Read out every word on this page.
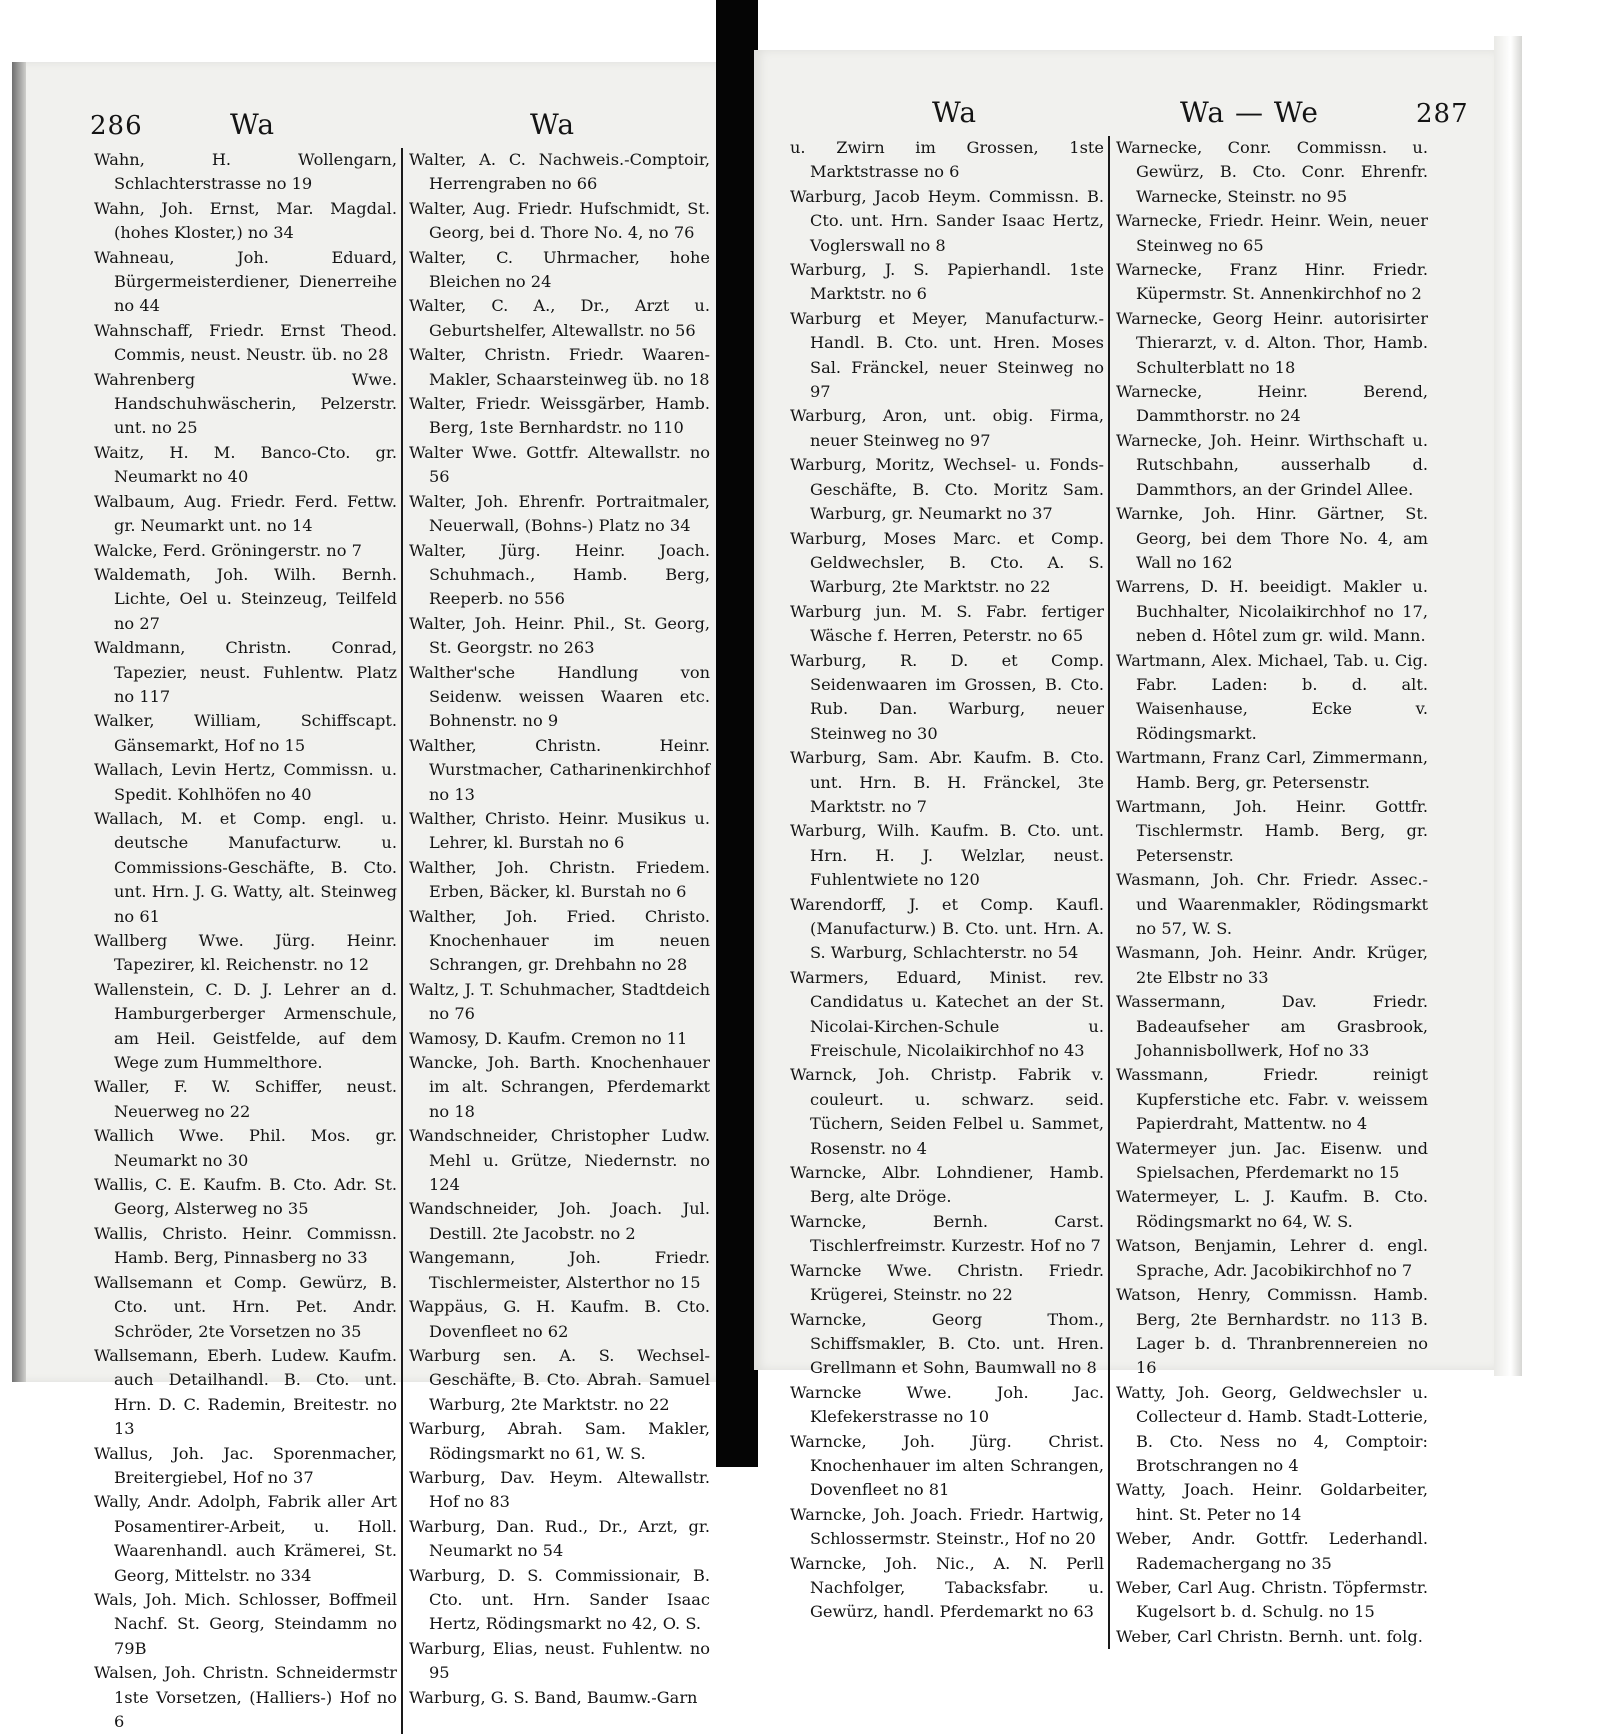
286	Wa	Wa

Wahn, H. Wollengarn, Schlachterstrasse no 19

Wahn, Joh. Ernst, Mar. Magdal. (hohes Kloster,) no 34

Wahneau, Joh. Eduard, Bürgermeisterdiener, Dienerreihe no 44

Wahnschaff, Friedr. Ernst Theod. Commis, neust. Neustr. üb. no 28

Wahrenberg Wwe. Handschuhwäscherin, Pelzerstr. unt. no 25

Waitz, H. M. Banco-Cto. gr. Neumarkt no 40

Walbaum, Aug. Friedr. Ferd. Fettw. gr. Neumarkt unt. no 14

Walcke, Ferd. Gröningerstr. no 7

Waldemath, Joh. Wilh. Bernh. Lichte, Oel u. Steinzeug, Teilfeld no 27

Waldmann, Christn. Conrad, Tapezier, neust. Fuhlentw. Platz no 117

Walker, William, Schiffscapt. Gänsemarkt, Hof no 15

Wallach, Levin Hertz, Commissn. u. Spedit. Kohlhöfen no 40

Wallach, M. et Comp. engl. u. deutsche Manufacturw. u. Commissions-Geschäfte, B. Cto. unt. Hrn. J. G. Watty, alt. Steinweg no 61

Wallberg Wwe. Jürg. Heinr. Tapezirer, kl. Reichenstr. no 12

Wallenstein, C. D. J. Lehrer an d. Hamburgerberger Armenschule, am Heil. Geistfelde, auf dem Wege zum Hummelthore.

Waller, F. W. Schiffer, neust. Neuerweg no 22

Wallich Wwe. Phil. Mos. gr. Neumarkt no 30

Wallis, C. E. Kaufm. B. Cto. Adr. St. Georg, Alsterweg no 35

Wallis, Christo. Heinr. Commissn. Hamb. Berg, Pinnasberg no 33

Wallsemann et Comp. Gewürz, B. Cto. unt. Hrn. Pet. Andr. Schröder, 2te Vorsetzen no 35

Wallsemann, Eberh. Ludew. Kaufm. auch Detailhandl. B. Cto. unt. Hrn. D. C. Rademin, Breitestr. no 13

Wallus, Joh. Jac. Sporenmacher, Breitergiebel, Hof no 37

Wally, Andr. Adolph, Fabrik aller Art Posamentirer-Arbeit, u. Holl. Waarenhandl. auch Krämerei, St. Georg, Mittelstr. no 334

Wals, Joh. Mich. Schlosser, Boffmeil Nachf. St. Georg, Steindamm no 79B

Walsen, Joh. Christn. Schneidermstr 1ste Vorsetzen, (Halliers-) Hof no 6

Walter, A. C. Nachweis.-Comptoir, Herrengraben no 66

Walter, Aug. Friedr. Hufschmidt, St. Georg, bei d. Thore No. 4, no 76

Walter, C. Uhrmacher, hohe Bleichen no 24

Walter, C. A., Dr., Arzt u. Geburtshelfer, Altewallstr. no 56

Walter, Christn. Friedr. Waaren-Makler, Schaarsteinweg üb. no 18

Walter, Friedr. Weissgärber, Hamb. Berg, 1ste Bernhardstr. no 110

Walter Wwe. Gottfr. Altewallstr. no 56

Walter, Joh. Ehrenfr. Portraitmaler, Neuerwall, (Bohns-) Platz no 34

Walter, Jürg. Heinr. Joach. Schuhmach., Hamb. Berg, Reeperb. no 556

Walter, Joh. Heinr. Phil., St. Georg, St. Georgstr. no 263

Walther'sche Handlung von Seidenw. weissen Waaren etc. Bohnenstr. no 9

Walther, Christn. Heinr. Wurstmacher, Catharinenkirchhof no 13

Walther, Christo. Heinr. Musikus u. Lehrer, kl. Burstah no 6

Walther, Joh. Christn. Friedem. Erben, Bäcker, kl. Burstah no 6

Walther, Joh. Fried. Christo. Knochenhauer im neuen Schrangen, gr. Drehbahn no 28

Waltz, J. T. Schuhmacher, Stadtdeich no 76

Wamosy, D. Kaufm. Cremon no 11

Wancke, Joh. Barth. Knochenhauer im alt. Schrangen, Pferdemarkt no 18

Wandschneider, Christopher Ludw. Mehl u. Grütze, Niedernstr. no 124

Wandschneider, Joh. Joach. Jul. Destill. 2te Jacobstr. no 2

Wangemann, Joh. Friedr. Tischlermeister, Alsterthor no 15

Wappäus, G. H. Kaufm. B. Cto. Dovenfleet no 62

Warburg sen. A. S. Wechsel-Geschäfte, B. Cto. Abrah. Samuel Warburg, 2te Marktstr. no 22

Warburg, Abrah. Sam. Makler, Rödingsmarkt no 61, W. S.

Warburg, Dav. Heym. Altewallstr. Hof no 83

Warburg, Dan. Rud., Dr., Arzt, gr. Neumarkt no 54

Warburg, D. S. Commissionair, B. Cto. unt. Hrn. Sander Isaac Hertz, Rödingsmarkt no 42, O. S.

Warburg, Elias, neust. Fuhlentw. no 95

Warburg, G. S. Band, Baumw.-Garn

Wa	Wa — We	287

u. Zwirn im Grossen, 1ste Marktstrasse no 6

Warburg, Jacob Heym. Commissn. B. Cto. unt. Hrn. Sander Isaac Hertz, Voglerswall no 8

Warburg, J. S. Papierhandl. 1ste Marktstr. no 6

Warburg et Meyer, Manufacturw.-Handl. B. Cto. unt. Hren. Moses Sal. Fränckel, neuer Steinweg no 97

Warburg, Aron, unt. obig. Firma, neuer Steinweg no 97

Warburg, Moritz, Wechsel- u. Fonds-Geschäfte, B. Cto. Moritz Sam. Warburg, gr. Neumarkt no 37

Warburg, Moses Marc. et Comp. Geldwechsler, B. Cto. A. S. Warburg, 2te Marktstr. no 22

Warburg jun. M. S. Fabr. fertiger Wäsche f. Herren, Peterstr. no 65

Warburg, R. D. et Comp. Seidenwaaren im Grossen, B. Cto. Rub. Dan. Warburg, neuer Steinweg no 30

Warburg, Sam. Abr. Kaufm. B. Cto. unt. Hrn. B. H. Fränckel, 3te Marktstr. no 7

Warburg, Wilh. Kaufm. B. Cto. unt. Hrn. H. J. Welzlar, neust. Fuhlentwiete no 120

Warendorff, J. et Comp. Kaufl. (Manufacturw.) B. Cto. unt. Hrn. A. S. Warburg, Schlachterstr. no 54

Warmers, Eduard, Minist. rev. Candidatus u. Katechet an der St. Nicolai-Kirchen-Schule u. Freischule, Nicolaikirchhof no 43

Warnck, Joh. Christp. Fabrik v. couleurt. u. schwarz. seid. Tüchern, Seiden Felbel u. Sammet, Rosenstr. no 4

Warncke, Albr. Lohndiener, Hamb. Berg, alte Dröge.

Warncke, Bernh. Carst. Tischlerfreimstr. Kurzestr. Hof no 7

Warncke Wwe. Christn. Friedr. Krügerei, Steinstr. no 22

Warncke, Georg Thom., Schiffsmakler, B. Cto. unt. Hren. Grellmann et Sohn, Baumwall no 8

Warncke Wwe. Joh. Jac. Klefekerstrasse no 10

Warncke, Joh. Jürg. Christ. Knochenhauer im alten Schrangen, Dovenfleet no 81

Warncke, Joh. Joach. Friedr. Hartwig, Schlossermstr. Steinstr., Hof no 20

Warncke, Joh. Nic., A. N. Perll Nachfolger, Tabacksfabr. u. Gewürz, handl. Pferdemarkt no 63

Warnecke, Conr. Commissn. u. Gewürz, B. Cto. Conr. Ehrenfr. Warnecke, Steinstr. no 95

Warnecke, Friedr. Heinr. Wein, neuer Steinweg no 65

Warnecke, Franz Hinr. Friedr. Küpermstr. St. Annenkirchhof no 2

Warnecke, Georg Heinr. autorisirter Thierarzt, v. d. Alton. Thor, Hamb. Schulterblatt no 18

Warnecke, Heinr. Berend, Dammthorstr. no 24

Warnecke, Joh. Heinr. Wirthschaft u. Rutschbahn, ausserhalb d. Dammthors, an der Grindel Allee.

Warnke, Joh. Hinr. Gärtner, St. Georg, bei dem Thore No. 4, am Wall no 162

Warrens, D. H. beeidigt. Makler u. Buchhalter, Nicolaikirchhof no 17, neben d. Hôtel zum gr. wild. Mann.

Wartmann, Alex. Michael, Tab. u. Cig. Fabr. Laden: b. d. alt. Waisenhause, Ecke v. Rödingsmarkt.

Wartmann, Franz Carl, Zimmermann, Hamb. Berg, gr. Petersenstr.

Wartmann, Joh. Heinr. Gottfr. Tischlermstr. Hamb. Berg, gr. Petersenstr.

Wasmann, Joh. Chr. Friedr. Assec.- und Waarenmakler, Rödingsmarkt no 57, W. S.

Wasmann, Joh. Heinr. Andr. Krüger, 2te Elbstr no 33

Wassermann, Dav. Friedr. Badeaufseher am Grasbrook, Johannisbollwerk, Hof no 33

Wassmann, Friedr. reinigt Kupferstiche etc. Fabr. v. weissem Papierdraht, Mattentw. no 4

Watermeyer jun. Jac. Eisenw. und Spielsachen, Pferdemarkt no 15

Watermeyer, L. J. Kaufm. B. Cto. Rödingsmarkt no 64, W. S.

Watson, Benjamin, Lehrer d. engl. Sprache, Adr. Jacobikirchhof no 7

Watson, Henry, Commissn. Hamb. Berg, 2te Bernhardstr. no 113 B. Lager b. d. Thranbrennereien no 16

Watty, Joh. Georg, Geldwechsler u. Collecteur d. Hamb. Stadt-Lotterie, B. Cto. Ness no 4, Comptoir: Brotschrangen no 4

Watty, Joach. Heinr. Goldarbeiter, hint. St. Peter no 14

Weber, Andr. Gottfr. Lederhandl. Rademachergang no 35

Weber, Carl Aug. Christn. Töpfermstr. Kugelsort b. d. Schulg. no 15

Weber, Carl Christn. Bernh. unt. folg.
